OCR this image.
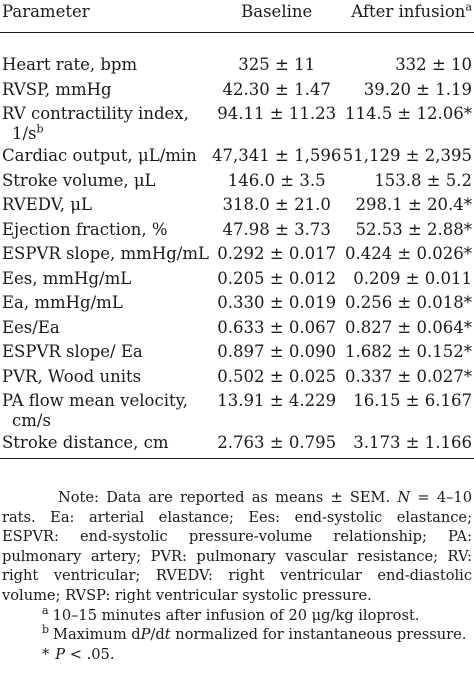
Parameter	Baseline	After infusion$^a$

Heart rate, bpm	325 ± 11	332 ± 10
RVSP, mmHg	42.30 ± 1.47	39.20 ± 1.19
RV contractility index,
$1/s^b$	94.11 ± 11.23	114.5 ± 12.06*
Cardiac output, μL/min	47,341 ± 1,596	51,129 ± 2,395
Stroke volume, μL	146.0 ± 3.5	153.8 ± 5.2
RVEDV, μL	318.0 ± 21.0	298.1 ± 20.4*
Ejection fraction, %	47.98 ± 3.73	52.53 ± 2.88*
ESPVR slope, mmHg/mL	0.292 ± 0.017	0.424 ± 0.026*
Ees, mmHg/mL	0.205 ± 0.012	0.209 ± 0.011
Ea, mmHg/mL	0.330 ± 0.019	0.256 ± 0.018*
Ees/Ea	0.633 ± 0.067	0.827 ± 0.064*
ESPVR slope/ Ea	0.897 ± 0.090	1.682 ± 0.152*
PVR, Wood units	0.502 ± 0.025	0.337 ± 0.027*
PA flow mean velocity,
cm/s	13.91 ± 4.229	16.15 ± 6.167
Stroke distance, cm	2.763 ± 0.795	3.173 ± 1.166

Note: Data are reported as means ± SEM. N = 4–10 rats. Ea: arterial elastance; Ees: end-systolic elastance; ESPVR: end-systolic pressure-volume relationship; PA: pulmonary artery; PVR: pulmonary vascular resistance; RV: right ventricular; RVEDV: right ventricular end-diastolic volume; RVSP: right ventricular systolic pressure.

$^a$ 10–15 minutes after infusion of 20 μg/kg iloprost.

$^b$ Maximum dP/dt normalized for instantaneous pressure.

* P < .05.
